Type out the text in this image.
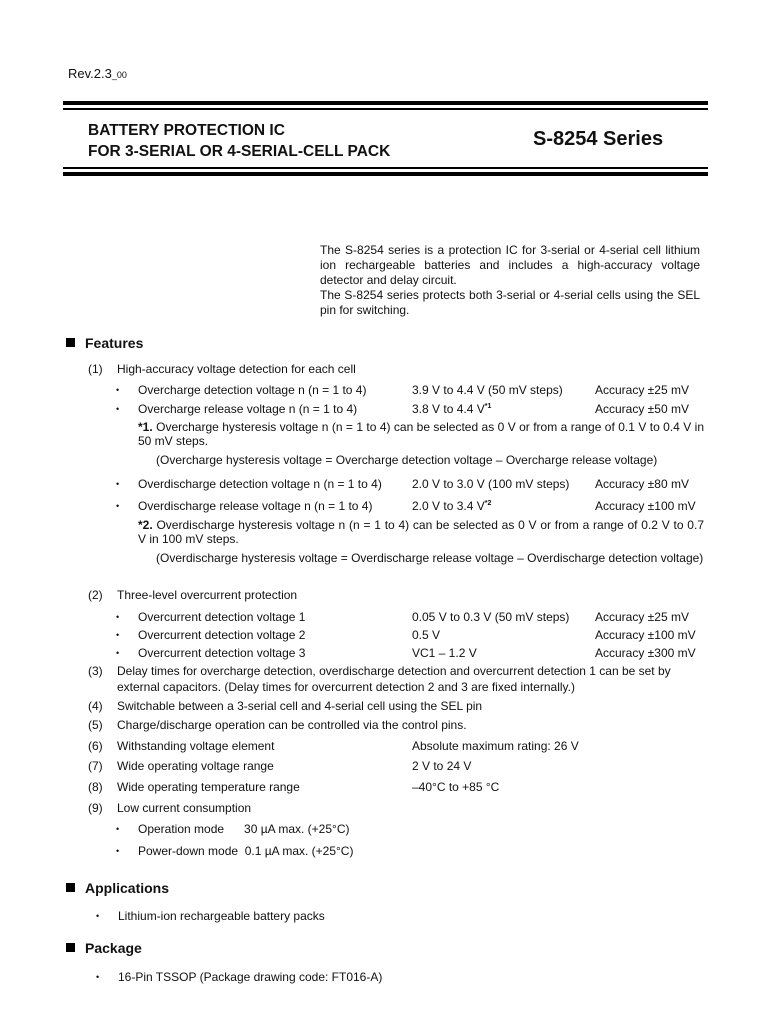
Rev.2.3_00
BATTERY PROTECTION IC
FOR 3-SERIAL OR 4-SERIAL-CELL PACK
S-8254 Series

The S-8254 series is a protection IC for 3-serial or 4-serial cell lithium ion rechargeable batteries and includes a high-accuracy voltage detector and delay circuit.

The S-8254 series protects both 3-serial or 4-serial cells using the SEL pin for switching.

Features
(1) High-accuracy voltage detection for each cell
• Overcharge detection voltage n (n = 1 to 4)	3.9 V to 4.4 V (50 mV steps)	Accuracy ±25 mV
• Overcharge release voltage n (n = 1 to 4)	3.8 V to 4.4 $V^{*1}$	Accuracy ±50 mV
*1. Overcharge hysteresis voltage n (n = 1 to 4) can be selected as 0 V or from a range of 0.1 V to 0.4 V in 50 mV steps.
(Overcharge hysteresis voltage = Overcharge detection voltage – Overcharge release voltage)
• Overdischarge detection voltage n (n = 1 to 4)	2.0 V to 3.0 V (100 mV steps) Accuracy ±80 mV
• Overdischarge release voltage n (n = 1 to 4)	2.0 V to 3.4 $V^{*2}$	Accuracy ±100 mV
*2. Overdischarge hysteresis voltage n (n = 1 to 4) can be selected as 0 V or from a range of 0.2 V to 0.7 V in 100 mV steps.
(Overdischarge hysteresis voltage = Overdischarge release voltage – Overdischarge detection voltage)
(2) Three-level overcurrent protection
• Overcurrent detection voltage 1	0.05 V to 0.3 V (50 mV steps) Accuracy ±25 mV
• Overcurrent detection voltage 2	0.5 V	Accuracy ±100 mV
• Overcurrent detection voltage 3	VC1 – 1.2 V	Accuracy ±300 mV
(3) Delay times for overcharge detection, overdischarge detection and overcurrent detection 1 can be set by
external capacitors. (Delay times for overcurrent detection 2 and 3 are fixed internally.)
(4) Switchable between a 3-serial cell and 4-serial cell using the SEL pin
(5) Charge/discharge operation can be controlled via the control pins.
(6) Withstanding voltage element	Absolute maximum rating: 26 V
(7) Wide operating voltage range	2 V to 24 V
(8) Wide operating temperature range	–40°C to +85 °C
(9) Low current consumption
• Operation mode      30 µA max. (+25°C)
• Power-down mode  0.1 µA max. (+25°C)
Applications
• Lithium-ion rechargeable battery packs
Package
• 16-Pin TSSOP (Package drawing code: FT016-A)
